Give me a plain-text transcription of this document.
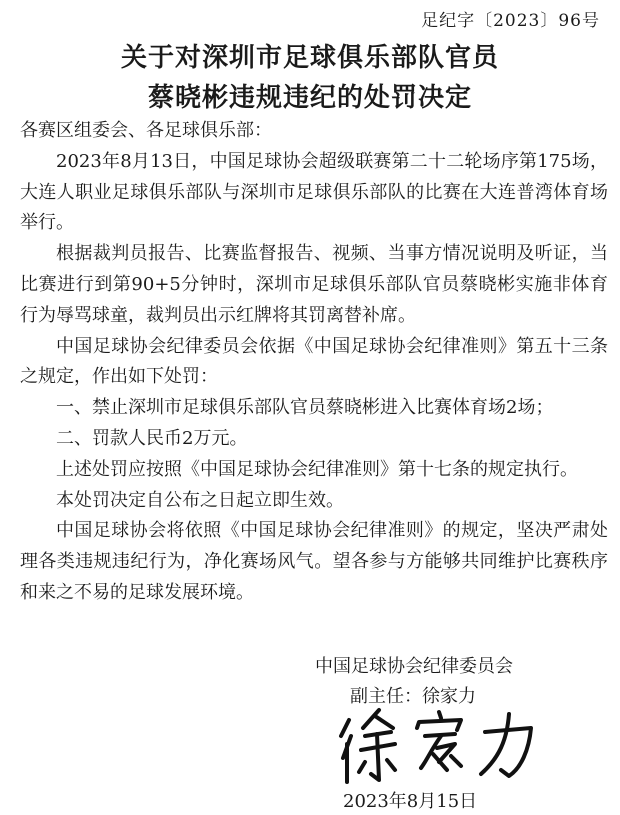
足纪字〔2023〕96号
关于对深圳市足球俱乐部队官员
蔡晓彬违规违纪的处罚决定

各赛区组委会、各足球俱乐部：

2023年8月13日，中国足球协会超级联赛第二十二轮场序第175场，大连人职业足球俱乐部队与深圳市足球俱乐部队的比赛在大连普湾体育场举行。

根据裁判员报告、比赛监督报告、视频、当事方情况说明及听证，当比赛进行到第90+5分钟时，深圳市足球俱乐部队官员蔡晓彬实施非体育行为辱骂球童，裁判员出示红牌将其罚离替补席。

中国足球协会纪律委员会依据《中国足球协会纪律准则》第五十三条之规定，作出如下处罚：

一、禁止深圳市足球俱乐部队官员蔡晓彬进入比赛体育场2场；

二、罚款人民币2万元。

上述处罚应按照《中国足球协会纪律准则》第十七条的规定执行。

本处罚决定自公布之日起立即生效。

中国足球协会将依照《中国足球协会纪律准则》的规定，坚决严肃处理各类违规违纪行为，净化赛场风气。望各参与方能够共同维护比赛秩序和来之不易的足球发展环境。

中国足球协会纪律委员会
副主任：徐家力
2023年8月15日
